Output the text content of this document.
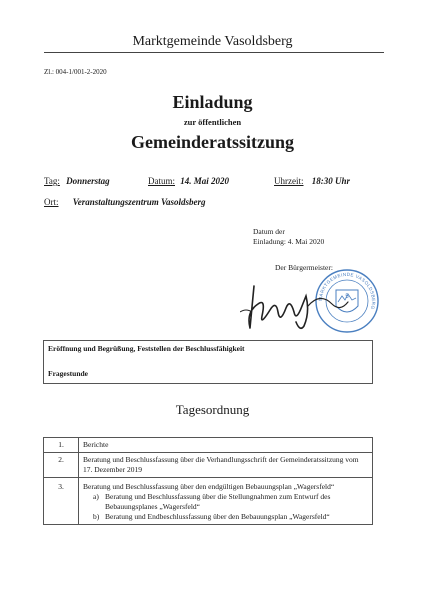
Marktgemeinde Vasoldsberg
Zl.: 004-1/001-2-2020
Einladung
zur öffentlichen
Gemeinderatssitzung
Tag: Donnerstag	Datum: 14. Mai 2020	Uhrzeit: 18:30 Uhr
Ort: Veranstaltungszentrum Vasoldsberg
Datum der
Einladung: 4. Mai 2020
Der Bürgermeister:
MARKTGEMEINDE VASOLDSBERG
5
Eröffnung und Begrüßung, Feststellen der Beschlussfähigkeit
Fragestunde
Tagesordnung
1.	Berichte
2.	Beratung und Beschlussfassung über die Verhandlungsschrift der Gemeinderatssitzung vom 17. Dezember 2019
3.	Beratung und Beschlussfassung über den endgültigen Bebauungsplan „Wagersfeld“
a) Beratung und Beschlussfassung über die Stellungnahmen zum Entwurf des Bebauungsplanes „Wagersfeld“
b) Beratung und Endbeschlussfassung über den Bebauungsplan „Wagersfeld“
